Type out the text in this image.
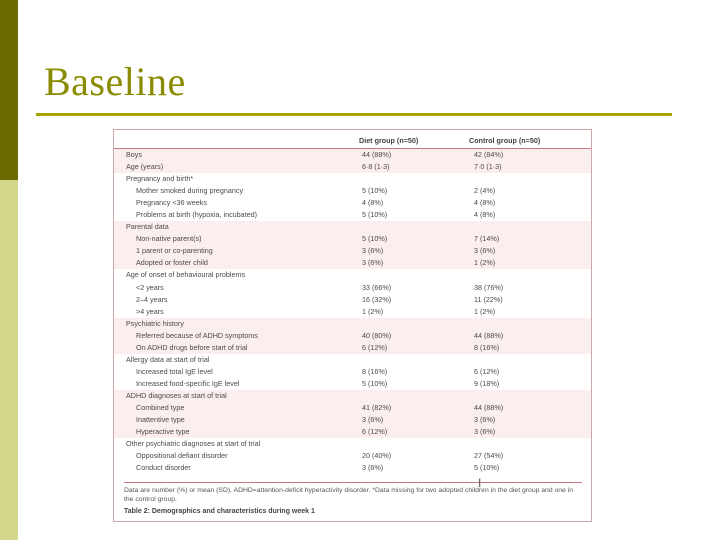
Baseline
Diet group (n=50)	Control group (n=50)
Boys	44 (88%)	42 (84%)
Age (years)	6·8 (1·3)	7·0 (1·3)
Pregnancy and birth*
Mother smoked during pregnancy	5 (10%)	2 (4%)
Pregnancy <36 weeks	4 (8%)	4 (8%)
Problems at birth (hypoxia, incubated)	5 (10%)	4 (8%)
Parental data
Non-native parent(s)	5 (10%)	7 (14%)
1 parent or co-parenting	3 (6%)	3 (6%)
Adopted or foster child	3 (6%)	1 (2%)
Age of onset of behavioural problems
<2 years	33 (66%)	38 (76%)
2–4 years	16 (32%)	11 (22%)
>4 years	1 (2%)	1 (2%)
Psychiatric history
Referred because of ADHD symptoms	40 (80%)	44 (88%)
On ADHD drugs before start of trial	6 (12%)	8 (16%)
Allergy data at start of trial
Increased total IgE level	8 (16%)	6 (12%)
Increased food-specific IgE level	5 (10%)	9 (18%)
ADHD diagnoses at start of trial
Combined type	41 (82%)	44 (88%)
Inattentive type	3 (6%)	3 (6%)
Hyperactive type	6 (12%)	3 (6%)
Other psychiatric diagnoses at start of trial
Oppositional defiant disorder	20 (40%)	27 (54%)
Conduct disorder	3 (6%)	5 (10%)
Data are number (%) or mean (SD). ADHD=attention-deficit hyperactivity disorder. *Data missing for two adopted children in the diet group and one in the control group.
Table 2: Demographics and characteristics during week 1
I
